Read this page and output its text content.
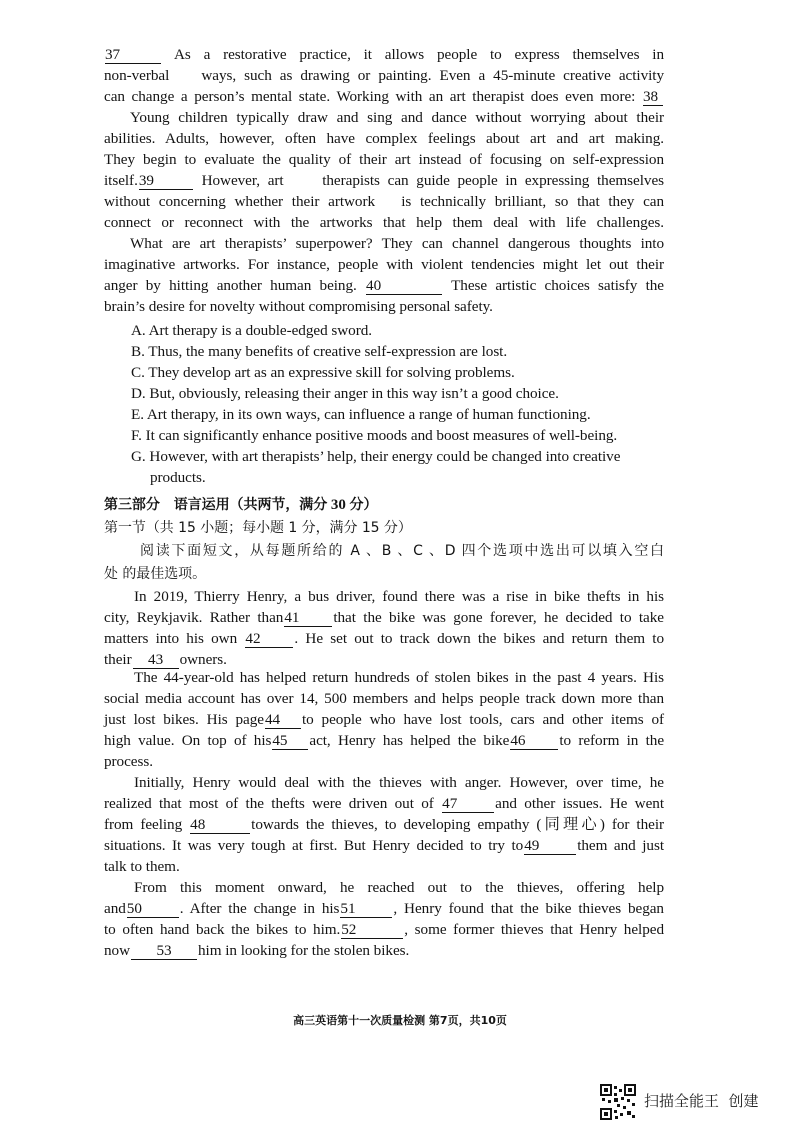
37	As a restorative practice, it allows people to express themselves in
non-verbal    ways, such as drawing or painting. Even a 45-minute creative activity
can change a person’s mental state. Working with an art therapist does even more: 38
Young children typically draw and sing and dance without worrying about their
abilities. Adults, however, often have complex feelings about art and art making.
They begin to evaluate the quality of their art instead of focusing on self-expression
itself.39	However, art     therapists can guide people in expressing themselves
without concerning whether their artwork   is technically brilliant, so that they can
connect or reconnect with the artworks that help them deal with life challenges.
What are art therapists’ superpower? They can channel dangerous thoughts into
imaginative artworks. For instance, people with violent tendencies might let out their
anger by hitting another human being. 40	These artistic choices satisfy the
brain’s desire for novelty without compromising personal safety.
A. Art therapy is a double-edged sword.
B. Thus, the many benefits of creative self-expression are lost.
C. They develop art as an expressive skill for solving problems.
D. But, obviously, releasing their anger in this way isn’t a good choice.
E. Art therapy, in its own ways, can influence a range of human functioning.
F. It can significantly enhance positive moods and boost measures of well-being.
G. However, with art therapists’ help, their energy could be changed into creative
products.
第三部分　语言运用（共两节，满分 30 分）
第一节（共 15 小题；每小题 1 分，满分 15 分）
阅读下面短文，从每题所给的 A 、B 、C 、D 四个选项中选出可以填入空白
处 的最佳选项。
In 2019, Thierry Henry, a bus driver, found there was a rise in bike thefts in his
city, Reykjavik. Rather than41 that the bike was gone forever, he decided to take
matters into his own 42 . He set out to track down the bikes and return them to
their 43 owners.
The 44-year-old has helped return hundreds of stolen bikes in the past 4 years. His
social media account has over 14, 500 members and helps people track down more than
just lost bikes. His page44 to people who have lost tools, cars and other items of
high value. On top of his45 act, Henry has helped the bike46 to reform in the
process.
Initially, Henry would deal with the thieves with anger. However, over time, he
realized that most of the thefts were driven out of 47 and other issues. He went
from feeling 48	towards the thieves, to developing empathy (同理心) for their
situations. It was very tough at first. But Henry decided to try to49 them and just
talk to them.
From this moment onward, he reached out to the thieves, offering help
and50 . After the change in his51 , Henry found that the bike thieves began
to often hand back the bikes to him.52	, some former thieves that Henry helped
now 53 him in looking for the stolen bikes.
高三英语第十一次质量检测 第7页，共10页
扫描全能王  创建
